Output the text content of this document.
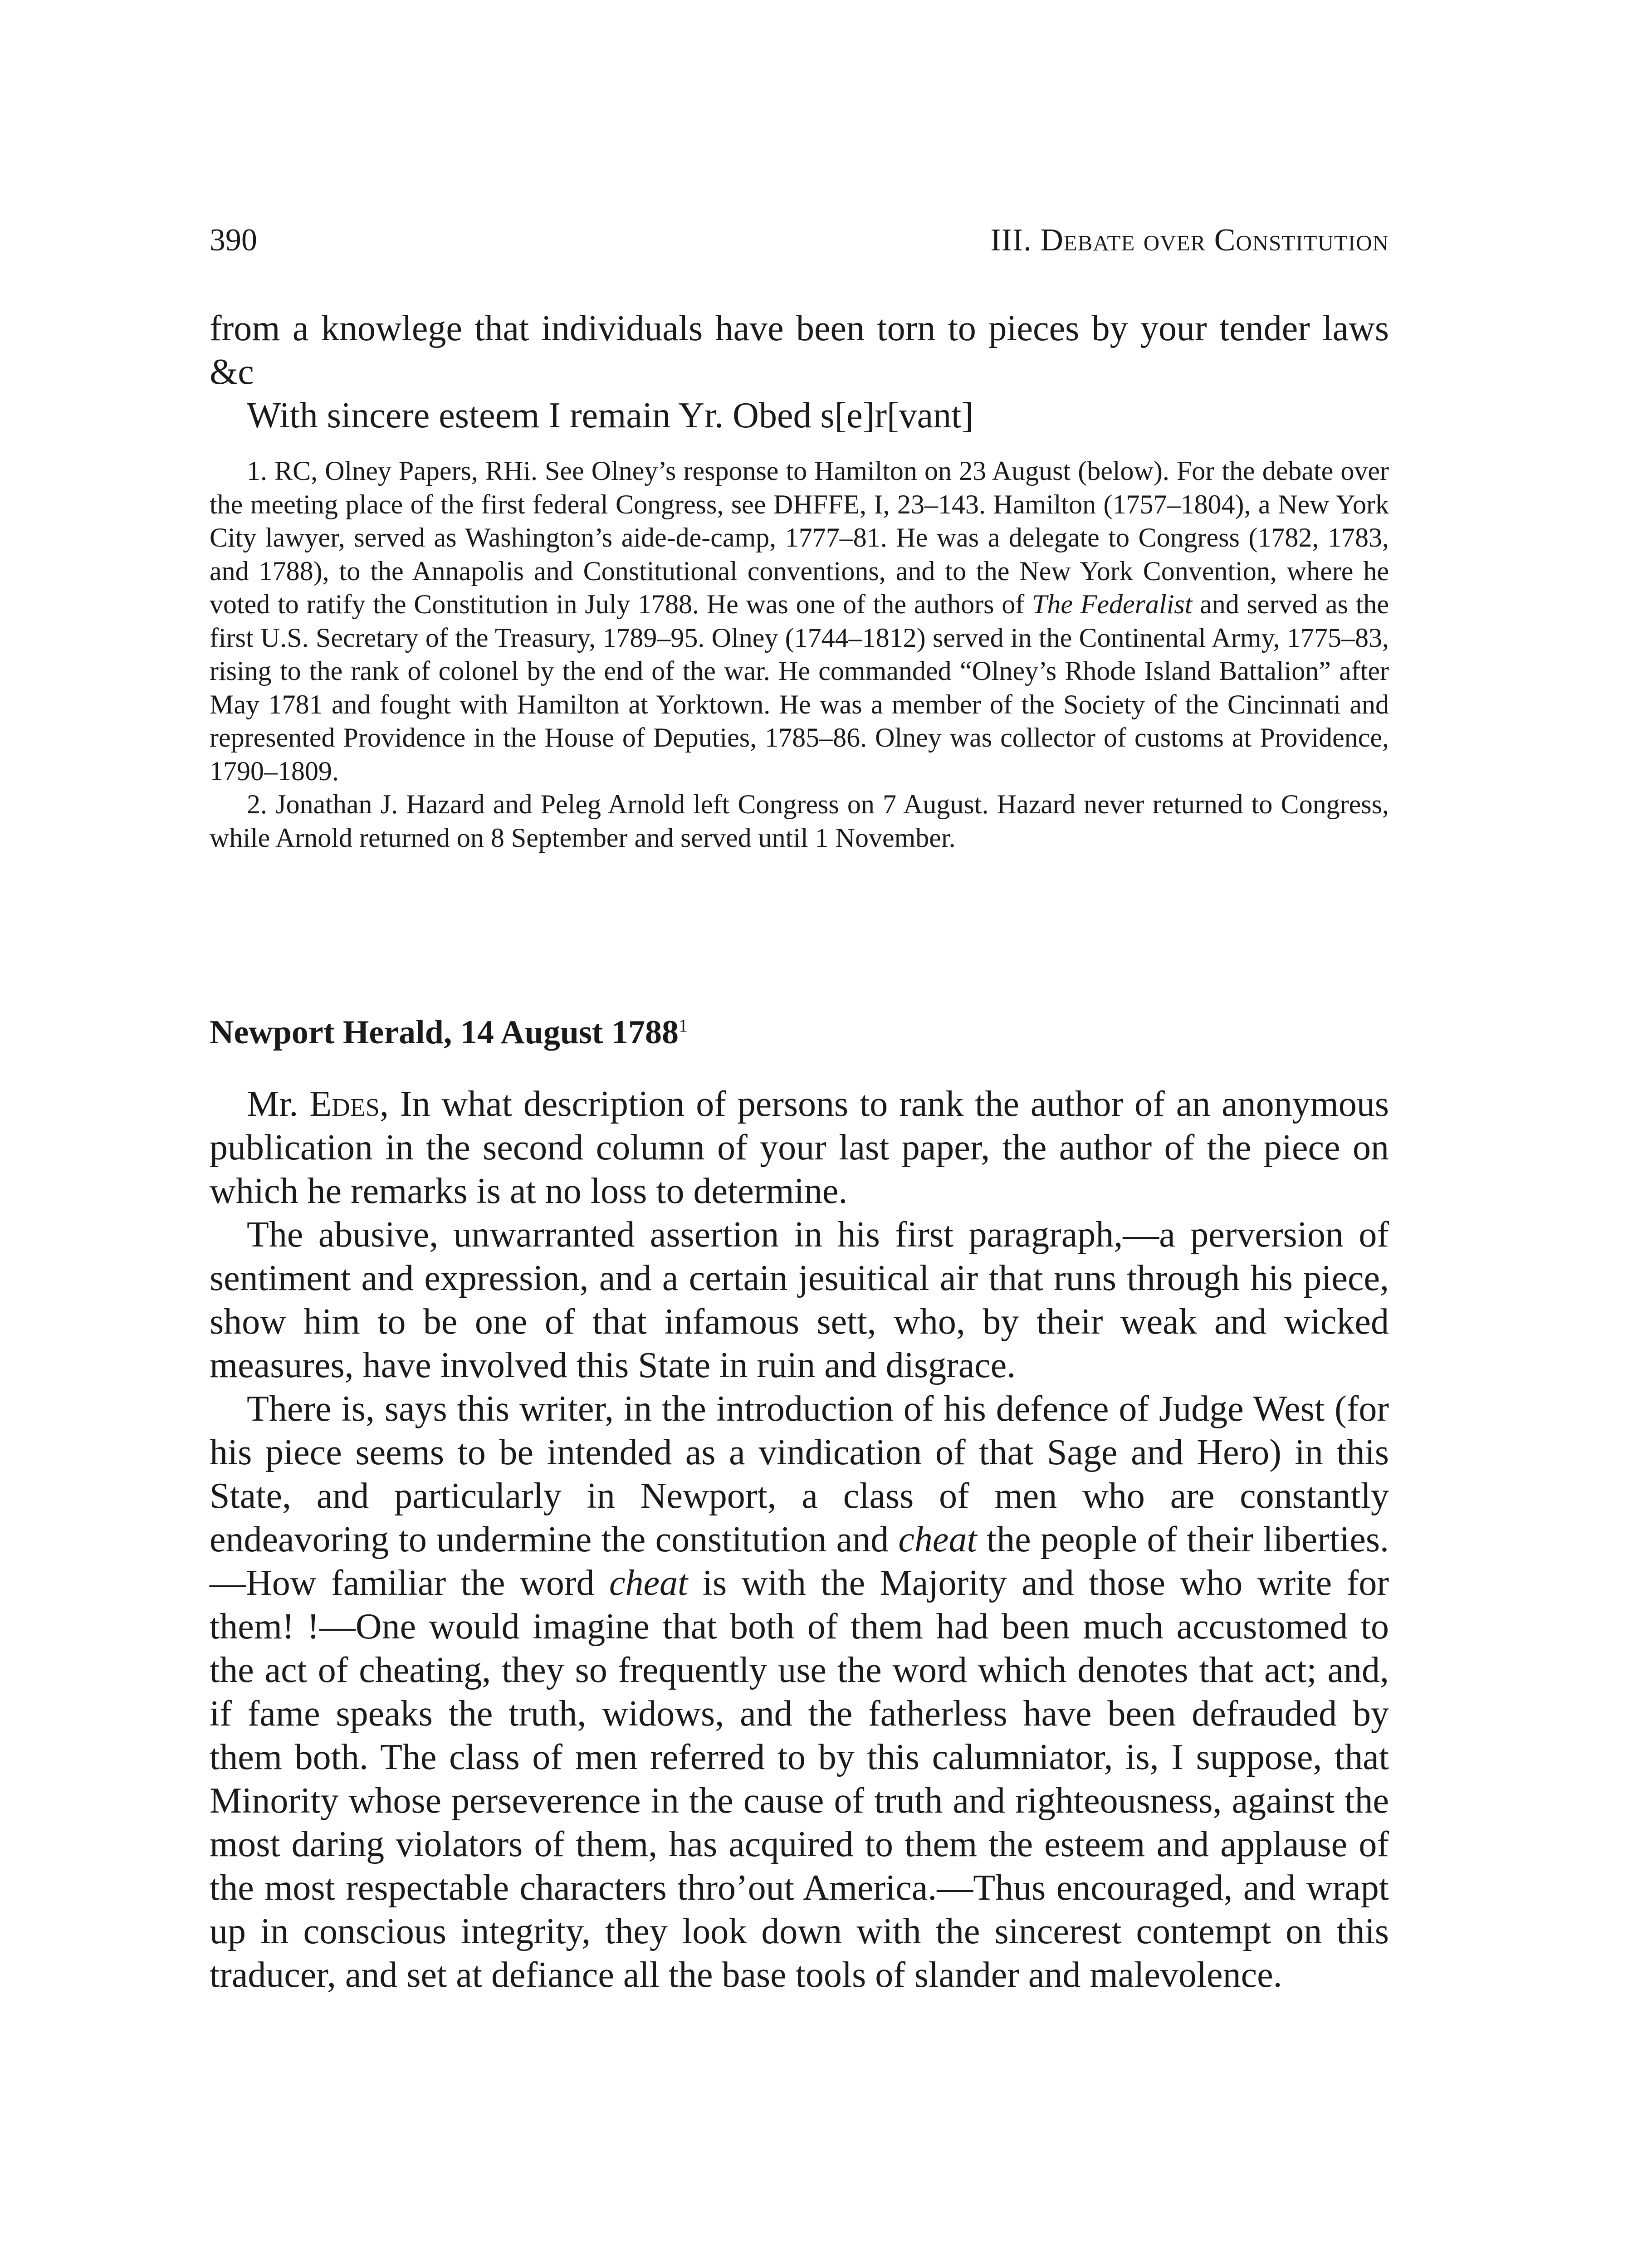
390	III. Debate over Constitution

from a knowlege that individuals have been torn to pieces by your tender laws &c

With sincere esteem I remain Yr. Obed s[e]r[vant]

1. RC, Olney Papers, RHi. See Olney’s response to Hamilton on 23 August (below). For the debate over the meeting place of the first federal Congress, see DHFFE, I, 23–143. Hamilton (1757–1804), a New York City lawyer, served as Washington’s aide-de-camp, 1777–81. He was a delegate to Congress (1782, 1783, and 1788), to the Annapolis and Constitutional conventions, and to the New York Convention, where he voted to ratify the Constitution in July 1788. He was one of the authors of The Federalist and served as the first U.S. Secretary of the Treasury, 1789–95. Olney (1744–1812) served in the Continental Army, 1775–83, rising to the rank of colonel by the end of the war. He commanded “Olney’s Rhode Island Battalion” after May 1781 and fought with Hamilton at Yorktown. He was a member of the Society of the Cincinnati and represented Providence in the House of Deputies, 1785–86. Olney was collector of customs at Providence, 1790–1809.

2. Jonathan J. Hazard and Peleg Arnold left Congress on 7 August. Hazard never returned to Congress, while Arnold returned on 8 September and served until 1 November.

Newport Herald, 14 August 1788$^1$

Mr. Edes, In what description of persons to rank the author of an anonymous publication in the second column of your last paper, the author of the piece on which he remarks is at no loss to determine.

The abusive, unwarranted assertion in his first paragraph,—a perversion of sentiment and expression, and a certain jesuitical air that runs through his piece, show him to be one of that infamous sett, who, by their weak and wicked measures, have involved this State in ruin and disgrace.

There is, says this writer, in the introduction of his defence of Judge West (for his piece seems to be intended as a vindication of that Sage and Hero) in this State, and particularly in Newport, a class of men who are constantly endeavoring to undermine the constitution and cheat the people of their liberties.—How familiar the word cheat is with the Majority and those who write for them! !—One would imagine that both of them had been much accustomed to the act of cheating, they so frequently use the word which denotes that act; and, if fame speaks the truth, widows, and the fatherless have been defrauded by them both. The class of men referred to by this calumniator, is, I suppose, that Minority whose perseverence in the cause of truth and righteousness, against the most daring violators of them, has acquired to them the esteem and applause of the most respectable characters thro’out America.—Thus encouraged, and wrapt up in conscious integrity, they look down with the sincerest contempt on this traducer, and set at defiance all the base tools of slander and malevolence.
